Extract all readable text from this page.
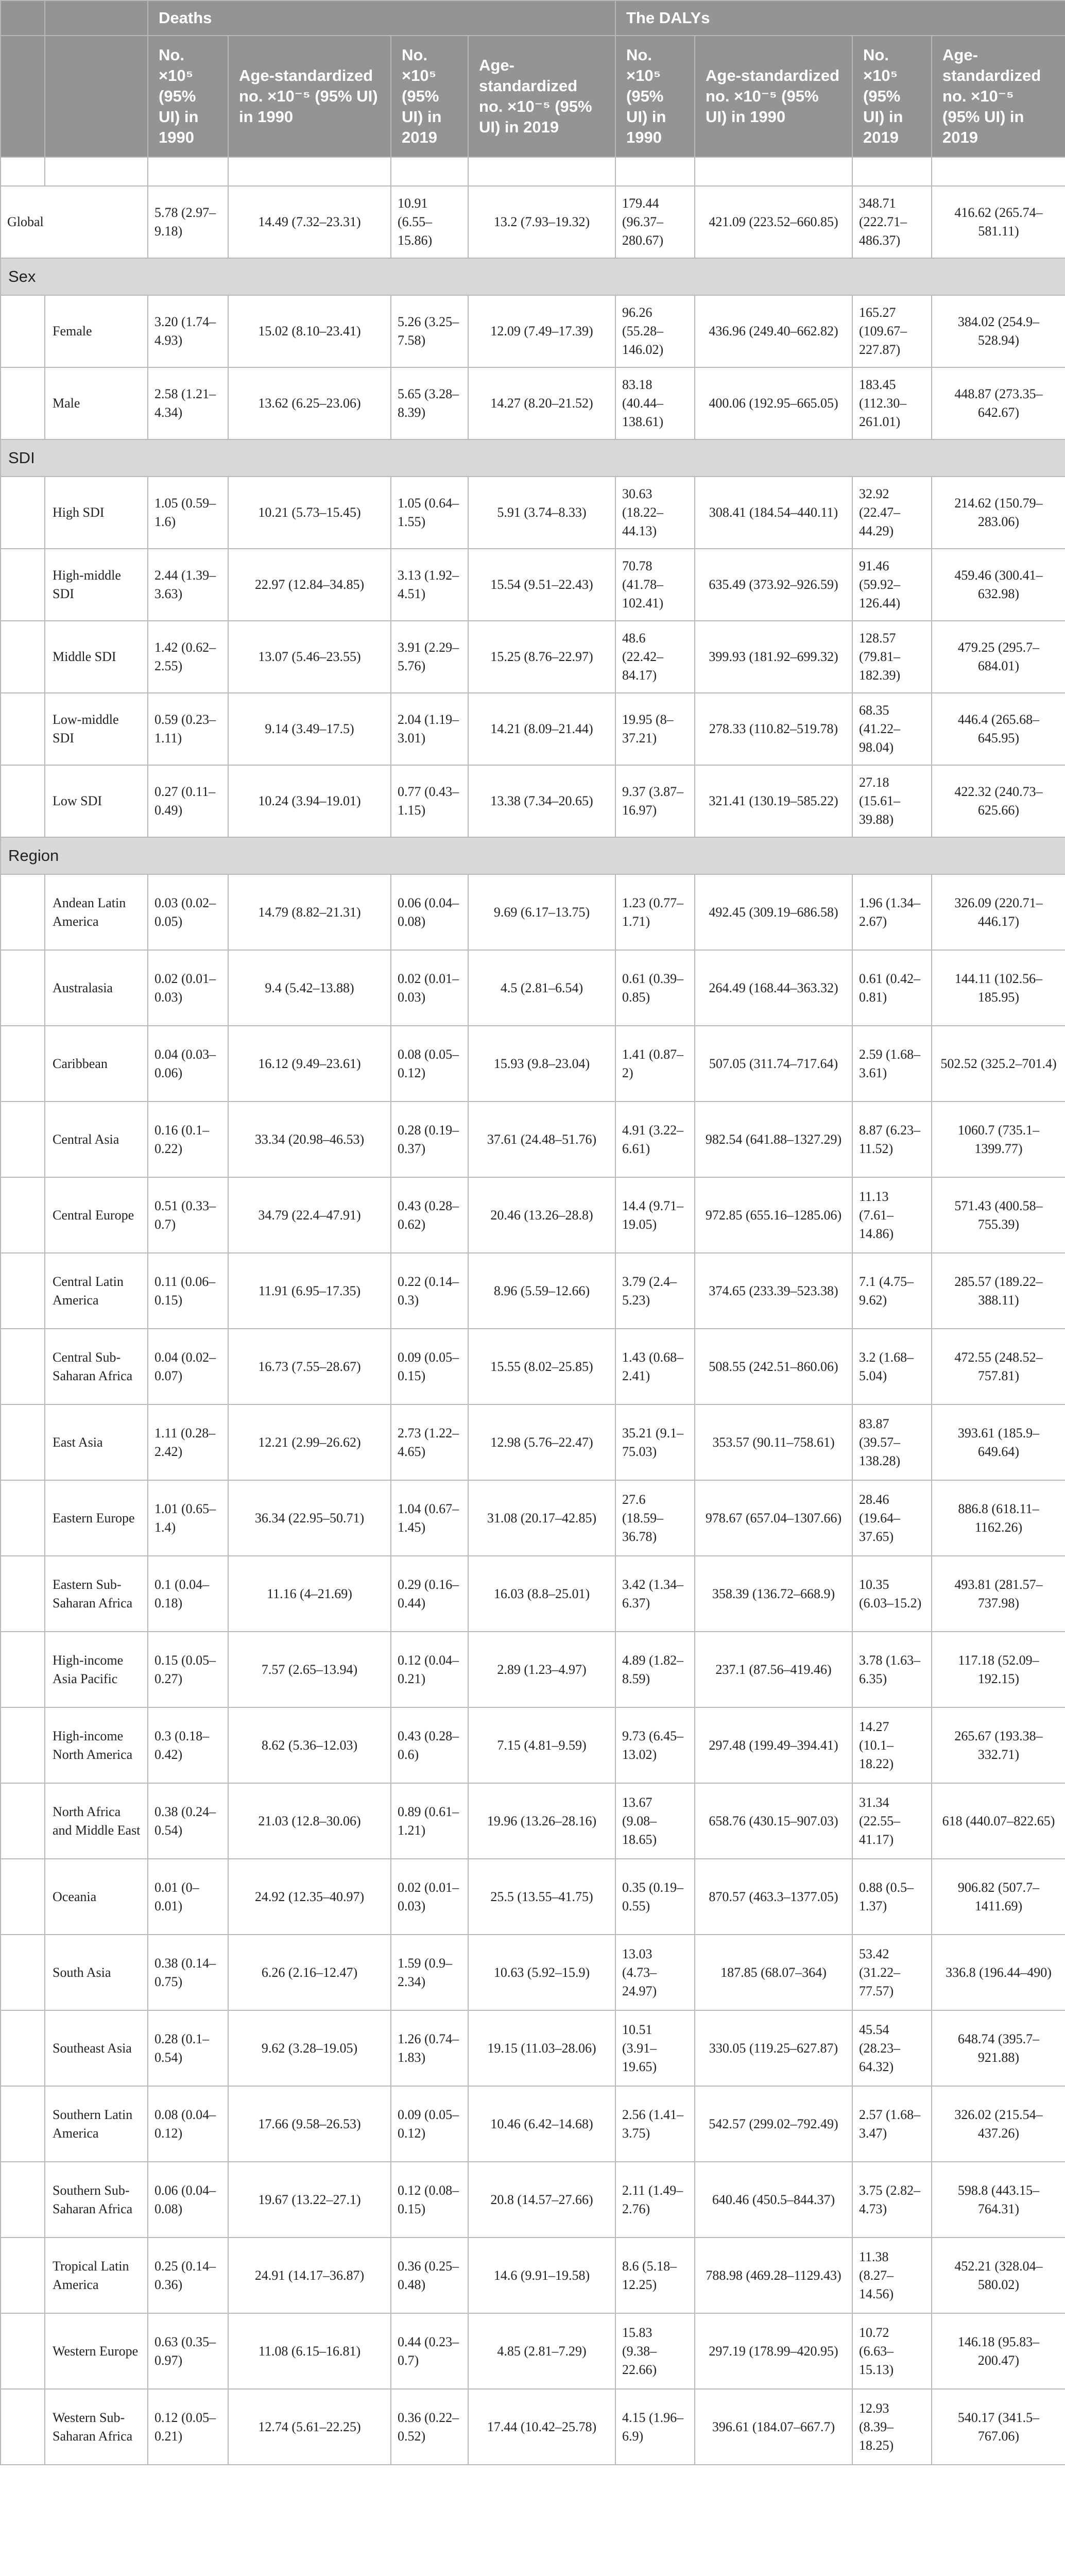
		Deaths				The DALYs			
		No. ×10⁵ (95% UI) in 1990	Age-standardized no. ×10⁻⁵ (95% UI) in 1990	No. ×10⁵ (95% UI) in 2019	Age-standardized no. ×10⁻⁵ (95% UI) in 2019	No. ×10⁵ (95% UI) in 1990	Age-standardized no. ×10⁻⁵ (95% UI) in 1990	No. ×10⁵ (95% UI) in 2019	Age-standardized no. ×10⁻⁵ (95% UI) in 2019

Global		5.78 (2.97–9.18)	14.49 (7.32–23.31)	10.91 (6.55–15.86)	13.2 (7.93–19.32)	179.44 (96.37–280.67)	421.09 (223.52–660.85)	348.71 (222.71–486.37)	416.62 (265.74–581.11)
Sex									
	Female	3.20 (1.74–4.93)	15.02 (8.10–23.41)	5.26 (3.25–7.58)	12.09 (7.49–17.39)	96.26 (55.28–146.02)	436.96 (249.40–662.82)	165.27 (109.67–227.87)	384.02 (254.9–528.94)
	Male	2.58 (1.21–4.34)	13.62 (6.25–23.06)	5.65 (3.28–8.39)	14.27 (8.20–21.52)	83.18 (40.44–138.61)	400.06 (192.95–665.05)	183.45 (112.30–261.01)	448.87 (273.35–642.67)
SDI									
	High SDI	1.05 (0.59–1.6)	10.21 (5.73–15.45)	1.05 (0.64–1.55)	5.91 (3.74–8.33)	30.63 (18.22–44.13)	308.41 (184.54–440.11)	32.92 (22.47–44.29)	214.62 (150.79–283.06)
	High-middle SDI	2.44 (1.39–3.63)	22.97 (12.84–34.85)	3.13 (1.92–4.51)	15.54 (9.51–22.43)	70.78 (41.78–102.41)	635.49 (373.92–926.59)	91.46 (59.92–126.44)	459.46 (300.41–632.98)
	Middle SDI	1.42 (0.62–2.55)	13.07 (5.46–23.55)	3.91 (2.29–5.76)	15.25 (8.76–22.97)	48.6 (22.42–84.17)	399.93 (181.92–699.32)	128.57 (79.81–182.39)	479.25 (295.7–684.01)
	Low-middle SDI	0.59 (0.23–1.11)	9.14 (3.49–17.5)	2.04 (1.19–3.01)	14.21 (8.09–21.44)	19.95 (8–37.21)	278.33 (110.82–519.78)	68.35 (41.22–98.04)	446.4 (265.68–645.95)
	Low SDI	0.27 (0.11–0.49)	10.24 (3.94–19.01)	0.77 (0.43–1.15)	13.38 (7.34–20.65)	9.37 (3.87–16.97)	321.41 (130.19–585.22)	27.18 (15.61–39.88)	422.32 (240.73–625.66)
Region									
	Andean Latin America	0.03 (0.02–0.05)	14.79 (8.82–21.31)	0.06 (0.04–0.08)	9.69 (6.17–13.75)	1.23 (0.77–1.71)	492.45 (309.19–686.58)	1.96 (1.34–2.67)	326.09 (220.71–446.17)
	Australasia	0.02 (0.01–0.03)	9.4 (5.42–13.88)	0.02 (0.01–0.03)	4.5 (2.81–6.54)	0.61 (0.39–0.85)	264.49 (168.44–363.32)	0.61 (0.42–0.81)	144.11 (102.56–185.95)
	Caribbean	0.04 (0.03–0.06)	16.12 (9.49–23.61)	0.08 (0.05–0.12)	15.93 (9.8–23.04)	1.41 (0.87–2)	507.05 (311.74–717.64)	2.59 (1.68–3.61)	502.52 (325.2–701.4)
	Central Asia	0.16 (0.1–0.22)	33.34 (20.98–46.53)	0.28 (0.19–0.37)	37.61 (24.48–51.76)	4.91 (3.22–6.61)	982.54 (641.88–1327.29)	8.87 (6.23–11.52)	1060.7 (735.1–1399.77)
	Central Europe	0.51 (0.33–0.7)	34.79 (22.4–47.91)	0.43 (0.28–0.62)	20.46 (13.26–28.8)	14.4 (9.71–19.05)	972.85 (655.16–1285.06)	11.13 (7.61–14.86)	571.43 (400.58–755.39)
	Central Latin America	0.11 (0.06–0.15)	11.91 (6.95–17.35)	0.22 (0.14–0.3)	8.96 (5.59–12.66)	3.79 (2.4–5.23)	374.65 (233.39–523.38)	7.1 (4.75–9.62)	285.57 (189.22–388.11)
	Central Sub-Saharan Africa	0.04 (0.02–0.07)	16.73 (7.55–28.67)	0.09 (0.05–0.15)	15.55 (8.02–25.85)	1.43 (0.68–2.41)	508.55 (242.51–860.06)	3.2 (1.68–5.04)	472.55 (248.52–757.81)
	East Asia	1.11 (0.28–2.42)	12.21 (2.99–26.62)	2.73 (1.22–4.65)	12.98 (5.76–22.47)	35.21 (9.1–75.03)	353.57 (90.11–758.61)	83.87 (39.57–138.28)	393.61 (185.9–649.64)
	Eastern Europe	1.01 (0.65–1.4)	36.34 (22.95–50.71)	1.04 (0.67–1.45)	31.08 (20.17–42.85)	27.6 (18.59–36.78)	978.67 (657.04–1307.66)	28.46 (19.64–37.65)	886.8 (618.11–1162.26)
	Eastern Sub-Saharan Africa	0.1 (0.04–0.18)	11.16 (4–21.69)	0.29 (0.16–0.44)	16.03 (8.8–25.01)	3.42 (1.34–6.37)	358.39 (136.72–668.9)	10.35 (6.03–15.2)	493.81 (281.57–737.98)
	High-income Asia Pacific	0.15 (0.05–0.27)	7.57 (2.65–13.94)	0.12 (0.04–0.21)	2.89 (1.23–4.97)	4.89 (1.82–8.59)	237.1 (87.56–419.46)	3.78 (1.63–6.35)	117.18 (52.09–192.15)
	High-income North America	0.3 (0.18–0.42)	8.62 (5.36–12.03)	0.43 (0.28–0.6)	7.15 (4.81–9.59)	9.73 (6.45–13.02)	297.48 (199.49–394.41)	14.27 (10.1–18.22)	265.67 (193.38–332.71)
	North Africa and Middle East	0.38 (0.24–0.54)	21.03 (12.8–30.06)	0.89 (0.61–1.21)	19.96 (13.26–28.16)	13.67 (9.08–18.65)	658.76 (430.15–907.03)	31.34 (22.55–41.17)	618 (440.07–822.65)
	Oceania	0.01 (0–0.01)	24.92 (12.35–40.97)	0.02 (0.01–0.03)	25.5 (13.55–41.75)	0.35 (0.19–0.55)	870.57 (463.3–1377.05)	0.88 (0.5–1.37)	906.82 (507.7–1411.69)
	South Asia	0.38 (0.14–0.75)	6.26 (2.16–12.47)	1.59 (0.9–2.34)	10.63 (5.92–15.9)	13.03 (4.73–24.97)	187.85 (68.07–364)	53.42 (31.22–77.57)	336.8 (196.44–490)
	Southeast Asia	0.28 (0.1–0.54)	9.62 (3.28–19.05)	1.26 (0.74–1.83)	19.15 (11.03–28.06)	10.51 (3.91–19.65)	330.05 (119.25–627.87)	45.54 (28.23–64.32)	648.74 (395.7–921.88)
	Southern Latin America	0.08 (0.04–0.12)	17.66 (9.58–26.53)	0.09 (0.05–0.12)	10.46 (6.42–14.68)	2.56 (1.41–3.75)	542.57 (299.02–792.49)	2.57 (1.68–3.47)	326.02 (215.54–437.26)
	Southern Sub-Saharan Africa	0.06 (0.04–0.08)	19.67 (13.22–27.1)	0.12 (0.08–0.15)	20.8 (14.57–27.66)	2.11 (1.49–2.76)	640.46 (450.5–844.37)	3.75 (2.82–4.73)	598.8 (443.15–764.31)
	Tropical Latin America	0.25 (0.14–0.36)	24.91 (14.17–36.87)	0.36 (0.25–0.48)	14.6 (9.91–19.58)	8.6 (5.18–12.25)	788.98 (469.28–1129.43)	11.38 (8.27–14.56)	452.21 (328.04–580.02)
	Western Europe	0.63 (0.35–0.97)	11.08 (6.15–16.81)	0.44 (0.23–0.7)	4.85 (2.81–7.29)	15.83 (9.38–22.66)	297.19 (178.99–420.95)	10.72 (6.63–15.13)	146.18 (95.83–200.47)
	Western Sub-Saharan Africa	0.12 (0.05–0.21)	12.74 (5.61–22.25)	0.36 (0.22–0.52)	17.44 (10.42–25.78)	4.15 (1.96–6.9)	396.61 (184.07–667.7)	12.93 (8.39–18.25)	540.17 (341.5–767.06)
